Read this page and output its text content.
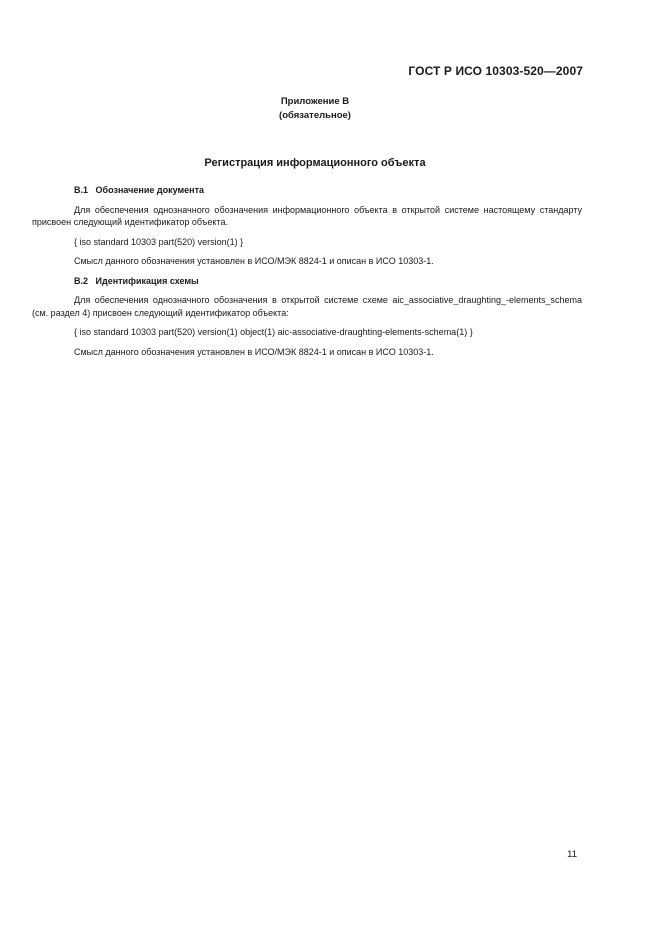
ГОСТ Р ИСО 10303-520—2007
Приложение В
(обязательное)
Регистрация информационного объекта
В.1 Обозначение документа

Для обеспечения однозначного обозначения информационного объекта в открытой системе настоящему стандарту присвоен следующий идентификатор объекта.

{ iso standard 10303 part(520) version(1) }

Смысл данного обозначения установлен в ИСО/МЭК 8824-1 и описан в ИСО 10303-1.

В.2 Идентификация схемы

Для обеспечения однозначного обозначения в открытой системе схеме aic_associative_draughting_-elements_schema (см. раздел 4) присвоен следующий идентификатор объекта:

{ iso standard 10303 part(520) version(1) object(1) aic-associative-draughting-elements-schema(1) }

Смысл данного обозначения установлен в ИСО/МЭК 8824-1 и описан в ИСО 10303-1.

11
